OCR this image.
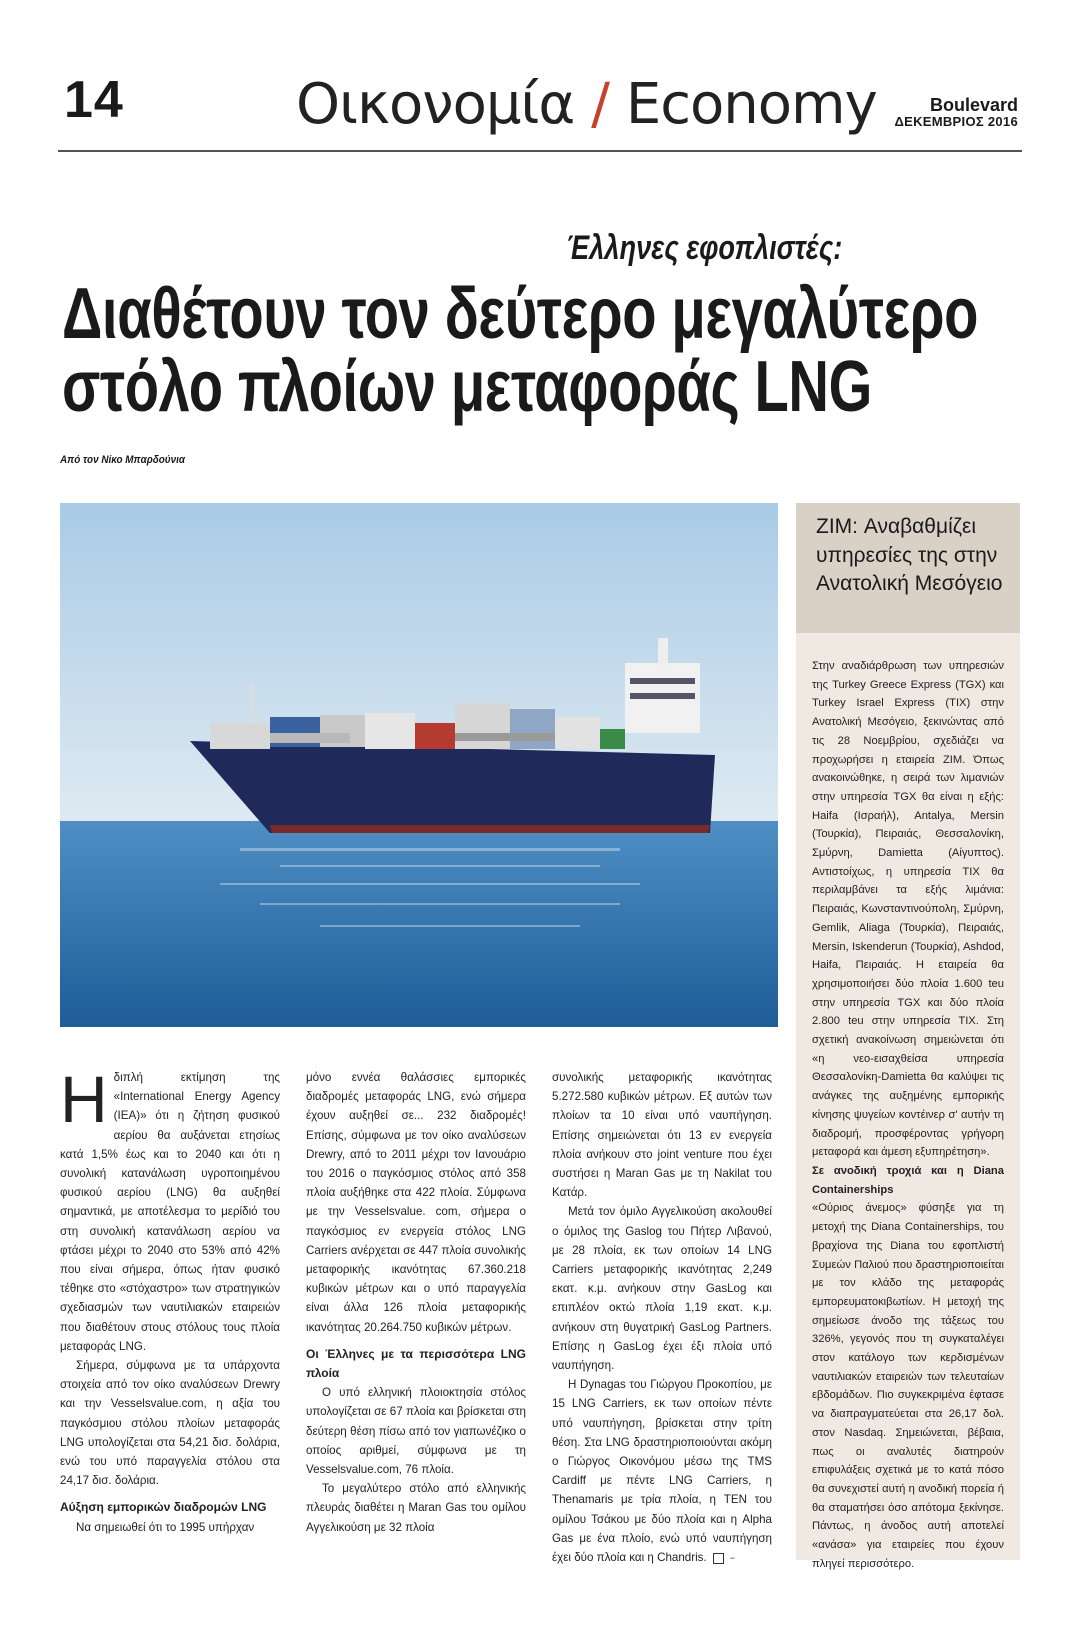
14	Οικονομία / Economy	Boulevard
ΔΕΚΕΜΒΡΙΟΣ 2016
Έλληνες εφοπλιστές:
Διαθέτουν τον δεύτερο μεγαλύτερο
στόλο πλοίων μεταφοράς LNG
Από τον Νίκο Μπαρδούνια
ZIM: Αναβαθμίζει υπηρεσίες της στην Ανατολική Μεσόγειο

Στην αναδιάρθρωση των υπηρεσιών της Turkey Greece Express (TGX) και Turkey Israel Express (TIX) στην Ανατολική Μεσόγειο, ξεκινώντας από τις 28 Νοεμβρίου, σχεδιάζει να προχωρήσει η εταιρεία ZIM. Όπως ανακοινώθηκε, η σειρά των λιμανιών στην υπηρεσία TGX θα είναι η εξής: Haifa (Ισραήλ), Antalya, Mersin (Τουρκία), Πειραιάς, Θεσσαλονίκη, Σμύρνη, Damietta (Αίγυπτος). Αντιστοίχως, η υπηρεσία TIX θα περιλαμβάνει τα εξής λιμάνια: Πειραιάς, Κωνσταντινούπολη, Σμύρνη, Gemlik, Aliaga (Τουρκία), Πειραιάς, Mersin, Iskenderun (Τουρκία), Ashdod, Haifa, Πειραιάς. Η εταιρεία θα χρησιμοποιήσει δύο πλοία 1.600 teu στην υπηρεσία TGX και δύο πλοία 2.800 teu στην υπηρεσία TIX. Στη σχετική ανακοίνωση σημειώνεται ότι «η νεο-εισαχθείσα υπηρεσία Θεσσαλονίκη-Damietta θα καλύψει τις ανάγκες της αυξημένης εμπορικής κίνησης ψυγείων κοντέινερ σ' αυτήν τη διαδρομή, προσφέροντας γρήγορη μεταφορά και άμεση εξυπηρέτηση».

Σε ανοδική τροχιά και η Diana Containerships

«Ούριος άνεμος» φύσηξε για τη μετοχή της Diana Containerships, του βραχίονα της Diana του εφοπλιστή Συμεών Παλιού που δραστηριοποιείται με τον κλάδο της μεταφοράς εμπορευματοκιβωτίων. Η μετοχή της σημείωσε άνοδο της τάξεως του 326%, γεγονός που τη συγκαταλέγει στον κατάλογο των κερδισμένων ναυτιλιακών εταιρειών των τελευταίων εβδομάδων. Πιο συγκεκριμένα έφτασε να διαπραγματεύεται στα 26,17 δολ. στον Nasdaq. Σημειώνεται, βέβαια, πως οι αναλυτές διατηρούν επιφυλάξεις σχετικά με το κατά πόσο θα συνεχιστεί αυτή η ανοδική πορεία ή θα σταματήσει όσο απότομα ξεκίνησε. Πάντως, η άνοδος αυτή αποτελεί «ανάσα» για εταιρείες που έχουν πληγεί περισσότερο.

Ηδιπλή εκτίμηση της «International Energy Agency (IEA)» ότι η ζήτηση φυσικού αερίου θα αυξάνεται ετησίως κατά 1,5% έως και το 2040 και ότι η συνολική κατανάλωση υγροποιημένου φυσικού αερίου (LNG) θα αυξηθεί σημαντικά, με αποτέλεσμα το μερίδιό του στη συνολική κατανάλωση αερίου να φτάσει μέχρι το 2040 στο 53% από 42% που είναι σήμερα, όπως ήταν φυσικό τέθηκε στο «στόχαστρο» των στρατηγικών σχεδιασμών των ναυτιλιακών εταιρειών που διαθέτουν στους στόλους τους πλοία μεταφοράς LNG.

Σήμερα, σύμφωνα με τα υπάρχοντα στοιχεία από τον οίκο αναλύσεων Drewry και την Vesselsvalue.com, η αξία του παγκόσμιου στόλου πλοίων μεταφοράς LNG υπολογίζεται στα 54,21 δισ. δολάρια, ενώ του υπό παραγγελία στόλου στα 24,17 δισ. δολάρια.

Αύξηση εμπορικών διαδρομών LNG

Να σημειωθεί ότι το 1995 υπήρχαν

μόνο εννέα θαλάσσιες εμπορικές διαδρομές μεταφοράς LNG, ενώ σήμερα έχουν αυξηθεί σε... 232 διαδρομές! Επίσης, σύμφωνα με τον οίκο αναλύσεων Drewry, από το 2011 μέχρι τον Ιανουάριο του 2016 ο παγκόσμιος στόλος από 358 πλοία αυξήθηκε στα 422 πλοία. Σύμφωνα με την Vesselsvalue. com, σήμερα ο παγκόσμιος εν ενεργεία στόλος LNG Carriers ανέρχεται σε 447 πλοία συνολικής μεταφορικής ικανότητας 67.360.218 κυβικών μέτρων και ο υπό παραγγελία είναι άλλα 126 πλοία μεταφορικής ικανότητας 20.264.750 κυβικών μέτρων.

Οι Έλληνες με τα περισσότερα LNG πλοία

Ο υπό ελληνική πλοιοκτησία στόλος υπολογίζεται σε 67 πλοία και βρίσκεται στη δεύτερη θέση πίσω από τον γιαπωνέζικο ο οποίος αριθμεί, σύμφωνα με τη Vesselsvalue.com, 76 πλοία.

Το μεγαλύτερο στόλο από ελληνικής πλευράς διαθέτει η Maran Gas του ομίλου Αγγελικούση με 32 πλοία

συνολικής μεταφορικής ικανότητας 5.272.580 κυβικών μέτρων. Εξ αυτών των πλοίων τα 10 είναι υπό ναυπήγηση. Επίσης σημειώνεται ότι 13 εν ενεργεία πλοία ανήκουν στο joint venture που έχει συστήσει η Maran Gas με τη Nakilat του Κατάρ.

Μετά τον όμιλο Αγγελικούση ακολουθεί ο όμιλος της Gaslog του Πήτερ Λιβανού, με 28 πλοία, εκ των οποίων 14 LNG Carriers μεταφορικής ικανότητας 2,249 εκατ. κ.μ. ανήκουν στην GasLog και επιπλέον οκτώ πλοία 1,19 εκατ. κ.μ. ανήκουν στη θυγατρική GasLog Partners. Επίσης η GasLog έχει έξι πλοία υπό ναυπήγηση.

Η Dynagas του Γιώργου Προκοπίου, με 15 LNG Carriers, εκ των οποίων πέντε υπό ναυπήγηση, βρίσκεται στην τρίτη θέση. Στα LNG δραστηριοποιούνται ακόμη ο Γιώργος Οικονόμου μέσω της TMS Cardiff με πέντε LNG Carriers, η Thenamaris με τρία πλοία, η TEN του ομίλου Τσάκου με δύο πλοία και η Alpha Gas με ένα πλοίο, ενώ υπό ναυπήγηση έχει δύο πλοία και η Chandris.	−
